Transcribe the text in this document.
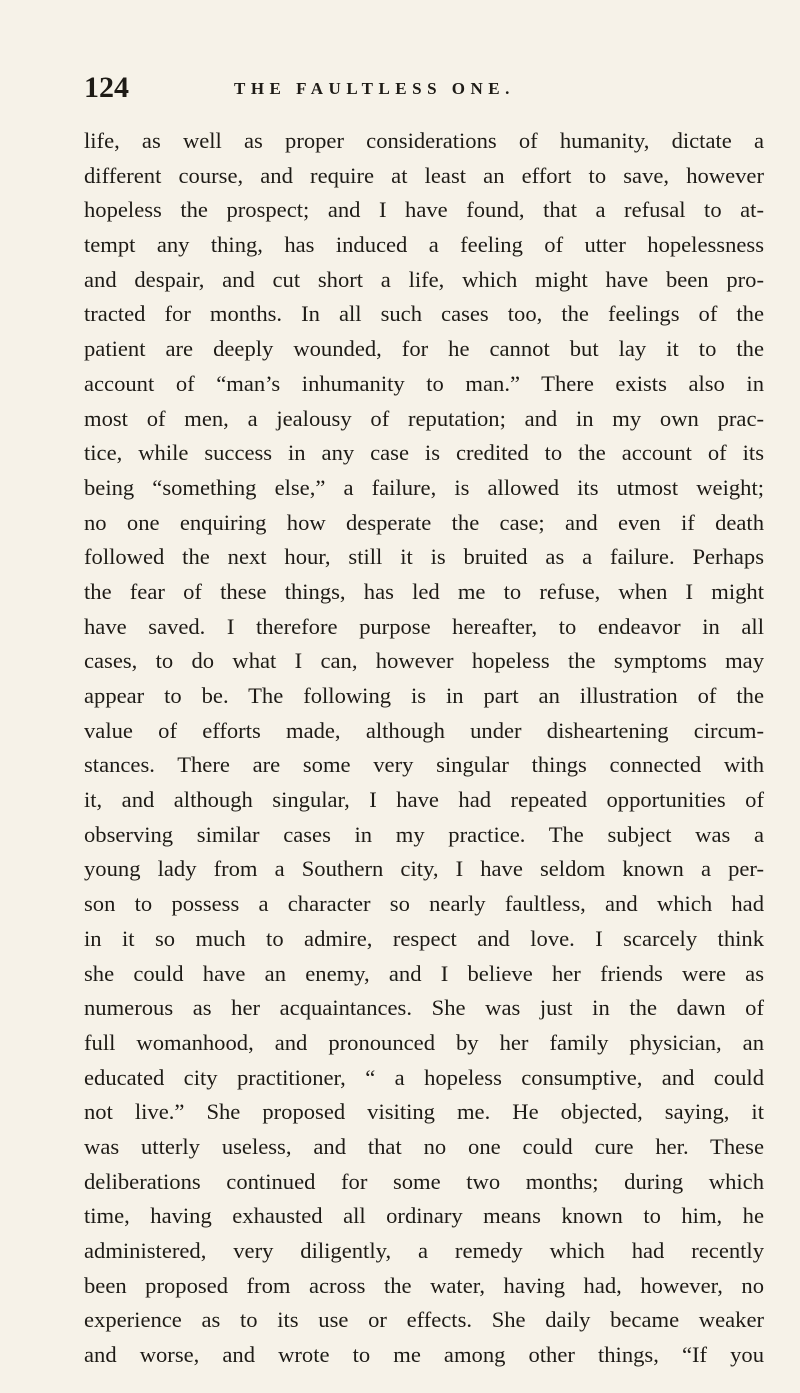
124	THE FAULTLESS ONE.
life, as well as proper considerations of humanity, dictate a
different course, and require at least an effort to save, however
hopeless the prospect; and I have found, that a refusal to at-
tempt any thing, has induced a feeling of utter hopelessness
and despair, and cut short a life, which might have been pro-
tracted for months. In all such cases too, the feelings of the
patient are deeply wounded, for he cannot but lay it to the
account of “man’s inhumanity to man.” There exists also in
most of men, a jealousy of reputation; and in my own prac-
tice, while success in any case is credited to the account of its
being “something else,” a failure, is allowed its utmost weight;
no one enquiring how desperate the case; and even if death
followed the next hour, still it is bruited as a failure. Perhaps
the fear of these things, has led me to refuse, when I might
have saved. I therefore purpose hereafter, to endeavor in all
cases, to do what I can, however hopeless the symptoms may
appear to be. The following is in part an illustration of the
value of efforts made, although under disheartening circum-
stances. There are some very singular things connected with
it, and although singular, I have had repeated opportunities of
observing similar cases in my practice. The subject was a
young lady from a Southern city, I have seldom known a per-
son to possess a character so nearly faultless, and which had
in it so much to admire, respect and love. I scarcely think
she could have an enemy, and I believe her friends were as
numerous as her acquaintances. She was just in the dawn of
full womanhood, and pronounced by her family physician, an
educated city practitioner, “ a hopeless consumptive, and could
not live.” She proposed visiting me. He objected, saying, it
was utterly useless, and that no one could cure her. These
deliberations continued for some two months; during which
time, having exhausted all ordinary means known to him, he
administered, very diligently, a remedy which had recently
been proposed from across the water, having had, however, no
experience as to its use or effects. She daily became weaker
and worse, and wrote to me among other things, “If you
